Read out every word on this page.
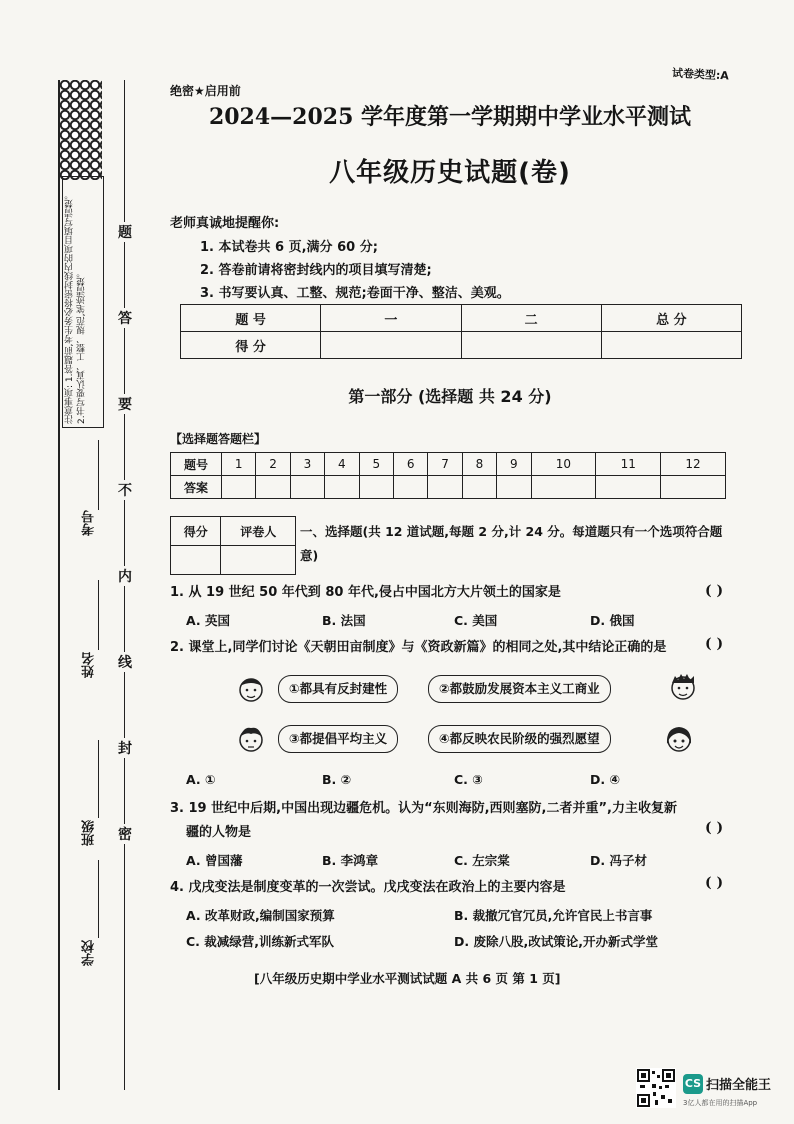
注意事项: 1.答题前,考生务必将密封线内的项目填写清楚。 2.书写要认真、工整、规范,笔迹清楚。
题
答
要
不
内
线
封
密
考号
姓名
班级
学校
绝密★启用前
试卷类型:A
2024—2025 学年度第一学期期中学业水平测试
八年级历史试题(卷)
老师真诚地提醒你:
1. 本试卷共 6 页,满分 60 分;
2. 答卷前请将密封线内的项目填写清楚;
3. 书写要认真、工整、规范;卷面干净、整洁、美观。
题 号	一	二	总 分
得 分			
第一部分 (选择题 共 24 分)
【选择题答题栏】
题号	1	2	3	4	5	6	7	8	9	10	11	12
答案												
得分	评卷人
	一、选择题(共 12 道试题,每题 2 分,计 24 分。每道题只有一个选项符合题意)
1. 从 19 世纪 50 年代到 80 年代,侵占中国北方大片领土的国家是	( )
A. 英国	B. 法国	C. 美国	D. 俄国
2. 课堂上,同学们讨论《天朝田亩制度》与《资政新篇》的相同之处,其中结论正确的是	( )
①都具有反封建性	②都鼓励发展资本主义工商业
③都提倡平均主义	④都反映农民阶级的强烈愿望
A. ①	B. ②	C. ③	D. ④
3. 19 世纪中后期,中国出现边疆危机。认为“东则海防,西则塞防,二者并重”,力主收复新
疆的人物是	( )
A. 曾国藩	B. 李鸿章	C. 左宗棠	D. 冯子材
4. 戊戌变法是制度变革的一次尝试。戊戌变法在政治上的主要内容是	( )
A. 改革财政,编制国家预算	B. 裁撤冗官冗员,允许官民上书言事
C. 裁减绿营,训练新式军队	D. 废除八股,改试策论,开办新式学堂
[八年级历史期中学业水平测试试题 A 共 6 页 第 1 页]
CS 扫描全能王
3亿人都在用的扫描App
